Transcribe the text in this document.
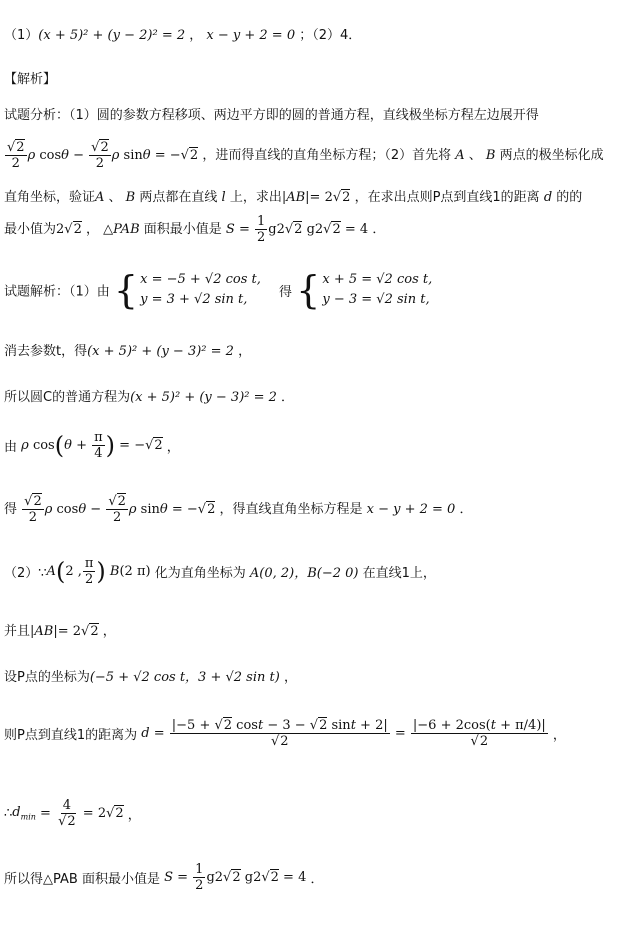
（1）(x + 5)² + (y − 2)² = 2 ， x − y + 2 = 0 ；（2）4．
【解析】
试题分析：（1）圆的参数方程移项、两边平方即的圆的普通方程，直线极坐标方程左边展开得
$\frac{√2}{2}$ ρ $\cos\theta - \frac{√2}{2}$ ρ sinθ = −√2 ，进而得直线的直角坐标方程；（2）首先将 A 、 B 两点的极坐标化成
直角坐标，验证A 、 B 两点都在直线 l 上，求出|AB|= 2√2 ，在求出点则P点到直线1的距离 d 的的
最小值为2√2 ， △PAB 面积最小值是 $S = \frac{1}{2} g2√2$ g2√2 = 4 ．
试题解析：（1）由 { x = −5 + √2 cos t,
y = 3 + √2 sin t,	得 { x + 5 = √2 cos t,
y − 3 = √2 sin t,
消去参数t，得(x + 5)² + (y − 3)² = 2 ，
所以圆C的普通方程为(x + 5)² + (y − 3)² = 2 ．
由 ρ $\cos(\theta + \frac{\pi}{4}$ ) = −√2 ，
得 $\frac{√2}{2}$ ρ $\cos\theta - \frac{√2}{2}$ ρ sinθ = −√2 ，得直线直角坐标方程是 x − y + 2 = 0 ．
（2）∵A(2 , $\frac{\pi}{2}$ ) B(2 π) 化为直角坐标为 A(0, 2)，B(−2 0) 在直线1上，
并且|AB|= 2√2 ，
设P点的坐标为(−5 + √2 cos t，3 + √2 sin t) ，
则P点到直线1的距离为 $d = \frac{|-5 + √2 \cos t - 3 - √2 \sin t + 2|}{√2} = \frac{|-6 + 2\cos(t + \pi/4)|}{√2}$ ，
$\therefore d_{min} = \frac{4}{√2} = 2√2$ ，
所以得△PAB 面积最小值是 $S = \frac{1}{2} g2√2$ g2√2 = 4 ．
